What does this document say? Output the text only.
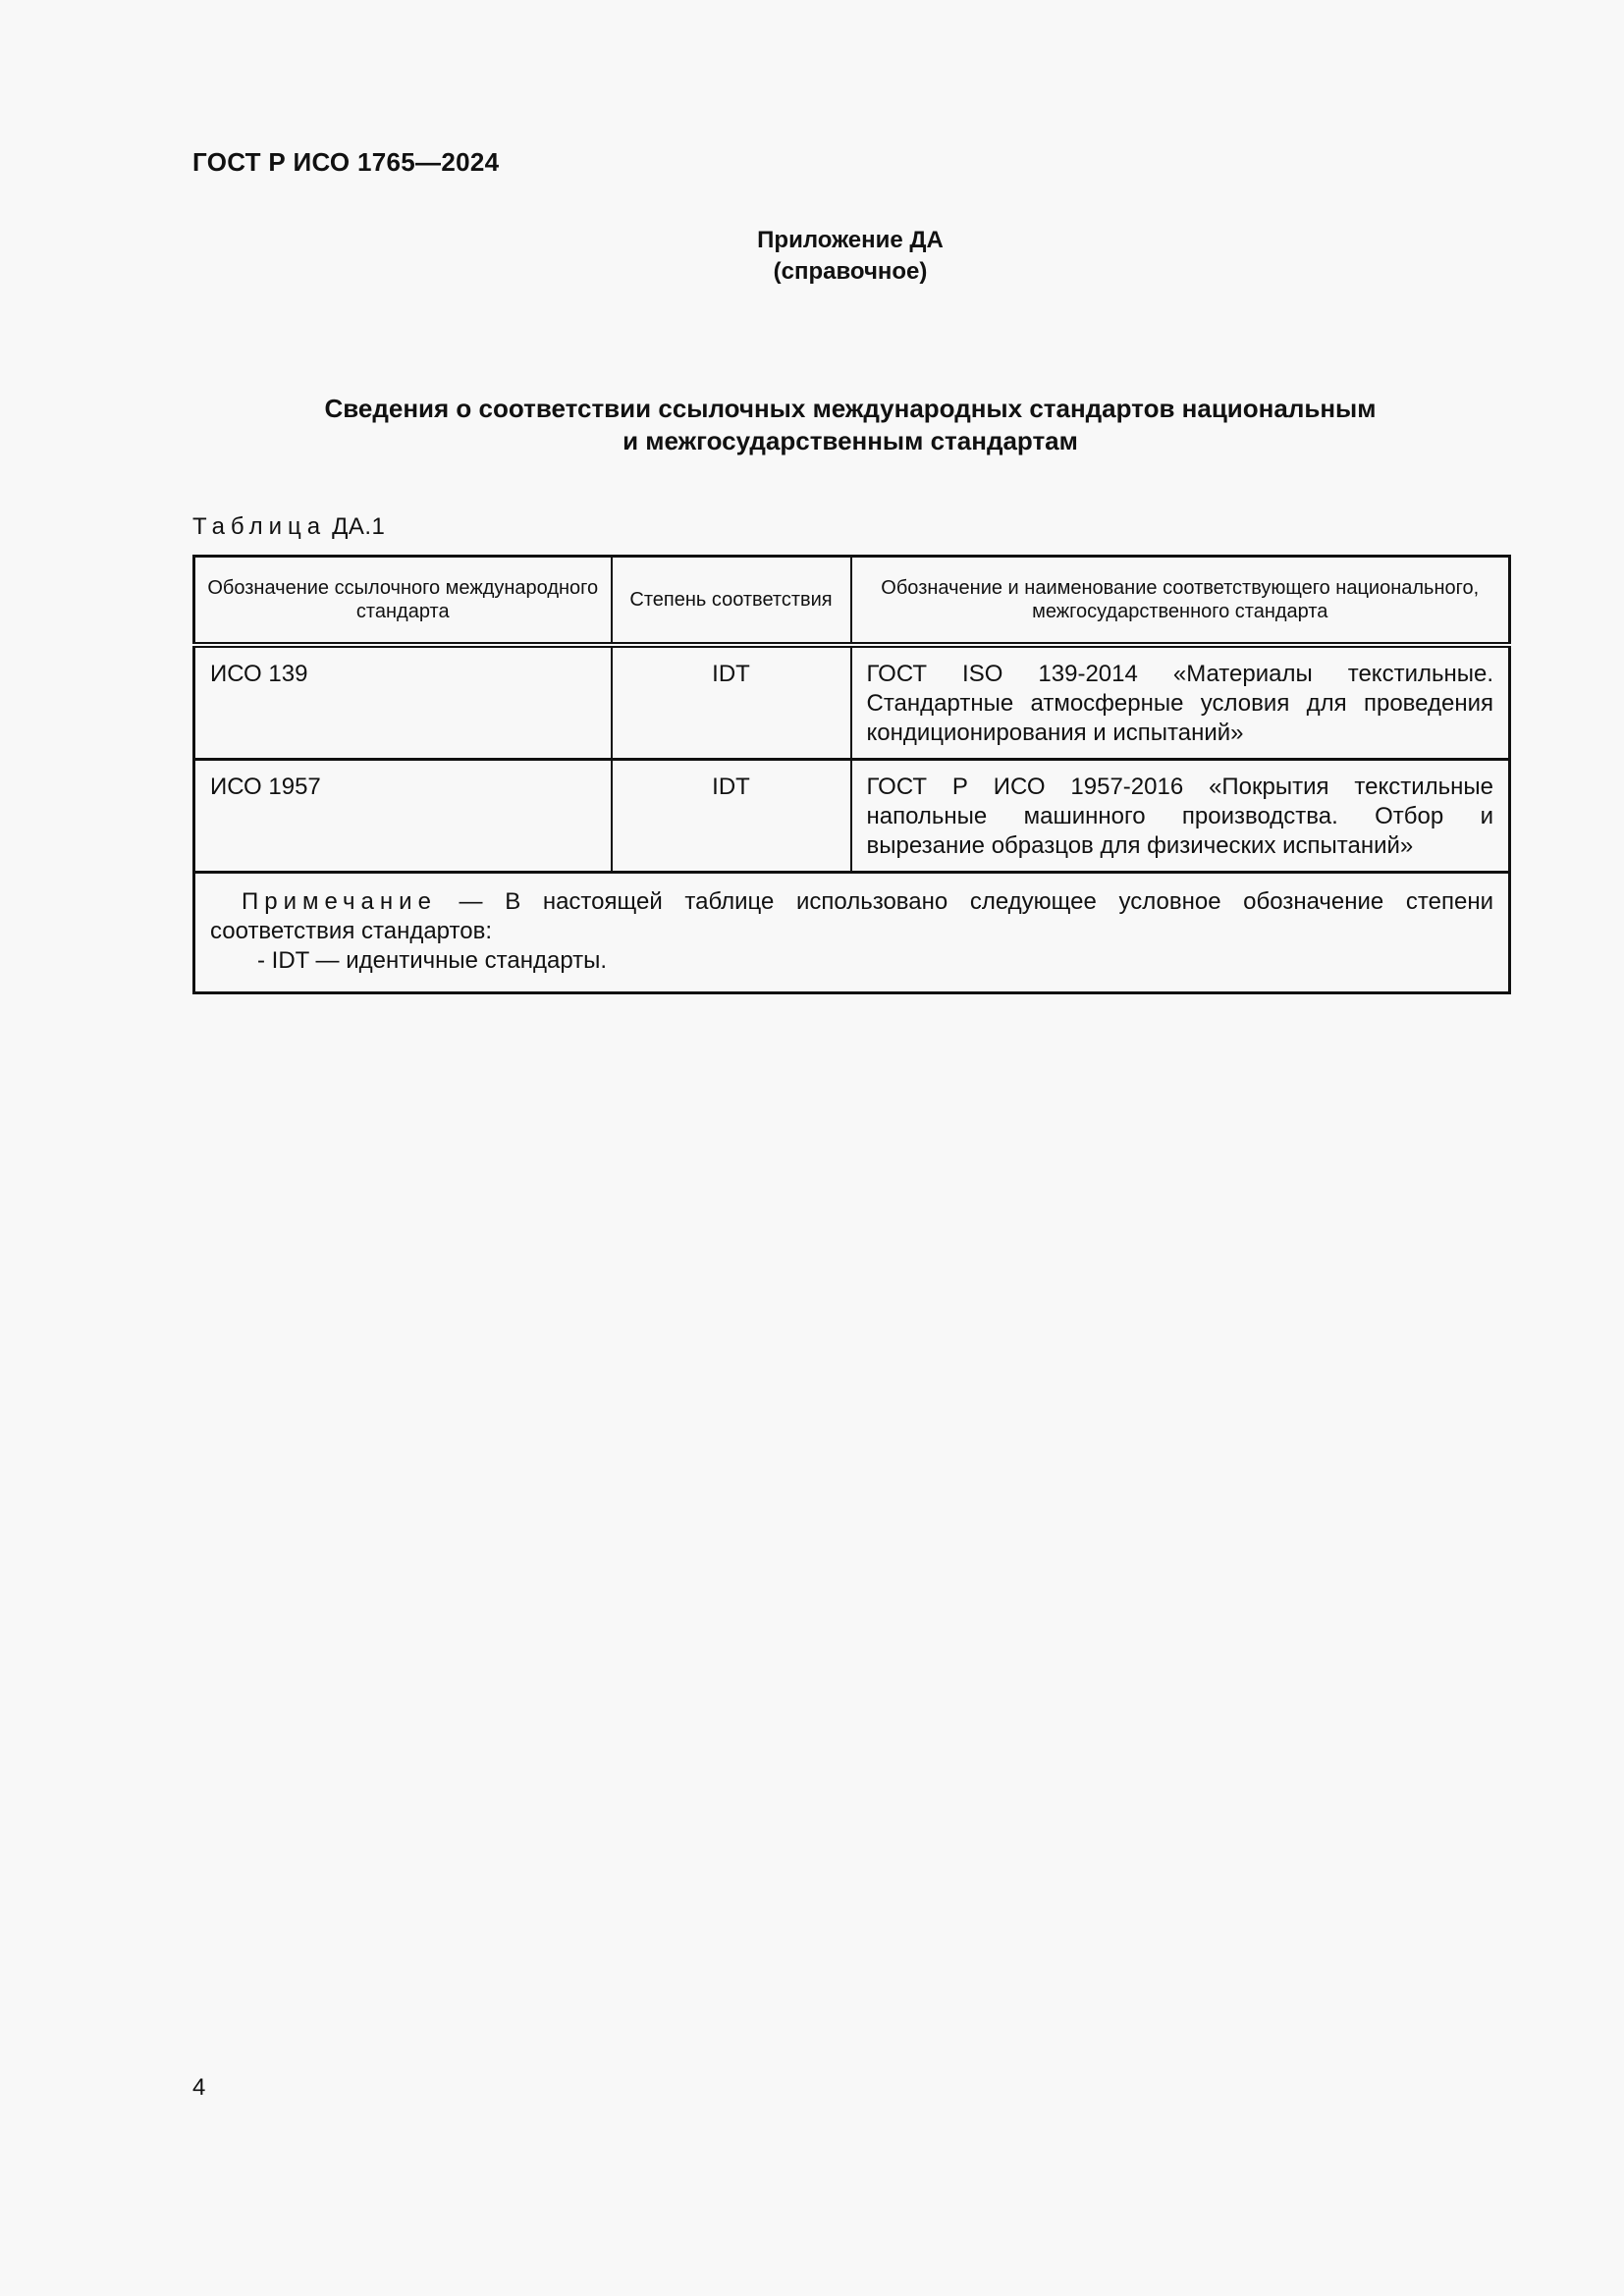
ГОСТ Р ИСО 1765—2024
Приложение ДА
(справочное)
Сведения о соответствии ссылочных международных стандартов национальным
и межгосударственным стандартам
Таблица ДА.1
Обозначение ссылочного международного стандарта	Степень соответствия	Обозначение и наименование соответствующего национального, межгосударственного стандарта
ИСО 139	IDT	ГОСТ ISO 139-2014 «Материалы текстильные. Стандартные атмосферные условия для проведения кондиционирования и испытаний»
ИСО 1957	IDT	ГОСТ Р ИСО 1957-2016 «Покрытия текстильные напольные машинного производства. Отбор и вырезание образцов для физических испытаний»
Примечание — В настоящей таблице использовано следующее условное обозначение степени соответствия стандартов:
- IDT — идентичные стандарты.		
4
